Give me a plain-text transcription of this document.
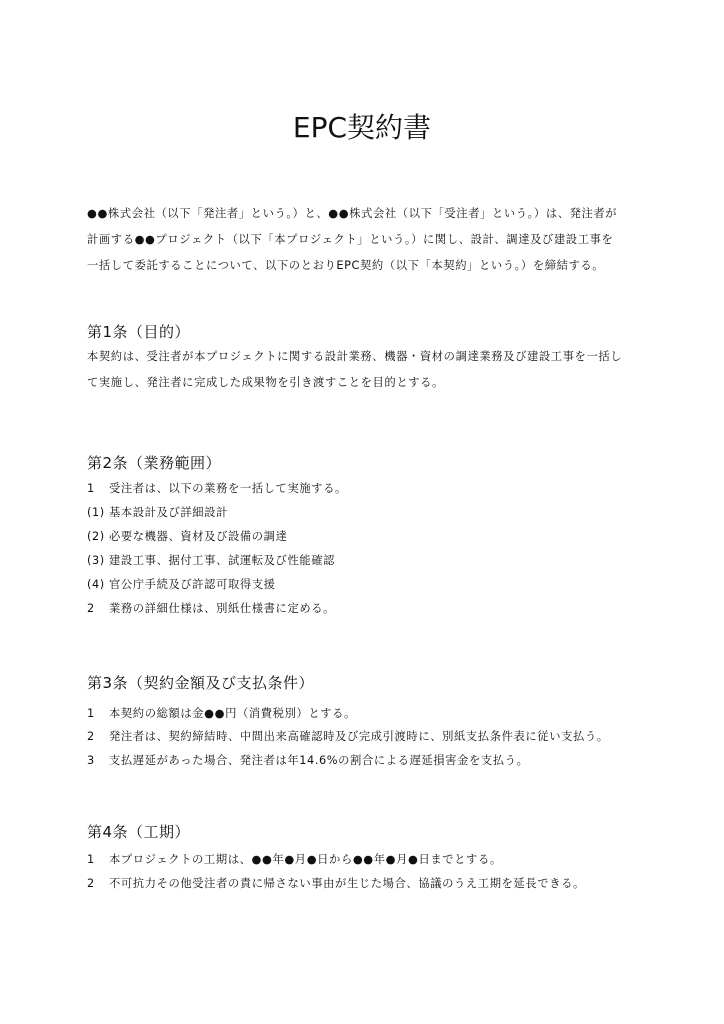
EPC契約書
●●株式会社（以下「発注者」という。）と、●●株式会社（以下「受注者」という。）は、発注者が
計画する●●プロジェクト（以下「本プロジェクト」という。）に関し、設計、調達及び建設工事を
一括して委託することについて、以下のとおりEPC契約（以下「本契約」という。）を締結する。
第1条（目的）
本契約は、受注者が本プロジェクトに関する設計業務、機器・資材の調達業務及び建設工事を一括し
て実施し、発注者に完成した成果物を引き渡すことを目的とする。
第2条（業務範囲）
1 受注者は、以下の業務を一括して実施する。
(1) 基本設計及び詳細設計
(2) 必要な機器、資材及び設備の調達
(3) 建設工事、据付工事、試運転及び性能確認
(4) 官公庁手続及び許認可取得支援
2 業務の詳細仕様は、別紙仕様書に定める。
第3条（契約金額及び支払条件）
1 本契約の総額は金●●円（消費税別）とする。
2 発注者は、契約締結時、中間出来高確認時及び完成引渡時に、別紙支払条件表に従い支払う。
3 支払遅延があった場合、発注者は年14.6%の割合による遅延損害金を支払う。
第4条（工期）
1 本プロジェクトの工期は、●●年●月●日から●●年●月●日までとする。
2 不可抗力その他受注者の責に帰さない事由が生じた場合、協議のうえ工期を延長できる。
